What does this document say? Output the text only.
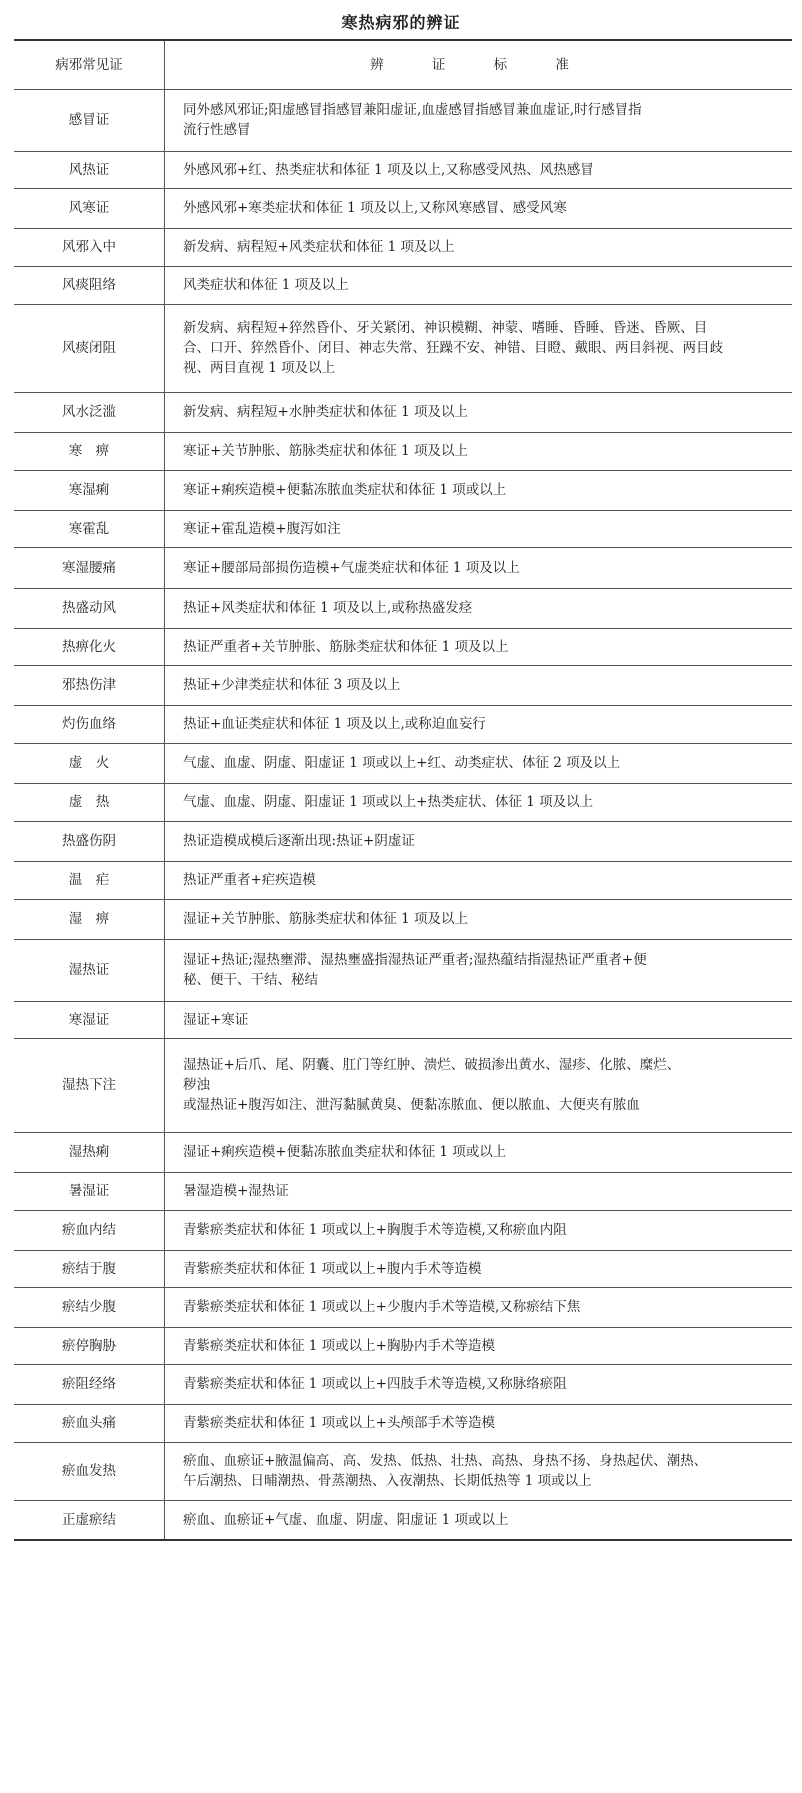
寒热病邪的辨证
病邪常见证	辨 证 标 准
感冒证	同外感风邪证;阳虚感冒指感冒兼阳虚证,血虚感冒指感冒兼血虚证,时行感冒指
流行性感冒

风热证	外感风邪+红、热类症状和体征 1 项及以上,又称感受风热、风热感冒

风寒证	外感风邪+寒类症状和体征 1 项及以上,又称风寒感冒、感受风寒

风邪入中	新发病、病程短+风类症状和体征 1 项及以上

风痰阻络	风类症状和体征 1 项及以上

风痰闭阻	新发病、病程短+猝然昏仆、牙关紧闭、神识模糊、神蒙、嗜睡、昏睡、昏迷、昏厥、目
合、口开、猝然昏仆、闭目、神志失常、狂躁不安、神错、目瞪、戴眼、两目斜视、两目歧
视、两目直视 1 项及以上

风水泛滥	新发病、病程短+水肿类症状和体征 1 项及以上

寒　痹	寒证+关节肿胀、筋脉类症状和体征 1 项及以上

寒湿痢	寒证+痢疾造模+便黏冻脓血类症状和体征 1 项或以上

寒霍乱	寒证+霍乱造模+腹泻如注

寒湿腰痛	寒证+腰部局部损伤造模+气虚类症状和体征 1 项及以上

热盛动风	热证+风类症状和体征 1 项及以上,或称热盛发痉

热痹化火	热证严重者+关节肿胀、筋脉类症状和体征 1 项及以上

邪热伤津	热证+少津类症状和体征 3 项及以上

灼伤血络	热证+血证类症状和体征 1 项及以上,或称迫血妄行

虚　火	气虚、血虚、阴虚、阳虚证 1 项或以上+红、动类症状、体征 2 项及以上

虚　热	气虚、血虚、阴虚、阳虚证 1 项或以上+热类症状、体征 1 项及以上

热盛伤阴	热证造模成模后逐渐出现:热证+阴虚证

温　疟	热证严重者+疟疾造模

湿　痹	湿证+关节肿胀、筋脉类症状和体征 1 项及以上

湿热证	湿证+热证;湿热壅滞、湿热壅盛指湿热证严重者;湿热蕴结指湿热证严重者+便
秘、便干、干结、秘结

寒湿证	湿证+寒证

湿热下注	湿热证+后爪、尾、阴囊、肛门等红肿、溃烂、破损渗出黄水、湿疹、化脓、糜烂、
秽浊
或湿热证+腹泻如注、泄泻黏腻黄臭、便黏冻脓血、便以脓血、大便夹有脓血

湿热痢	湿证+痢疾造模+便黏冻脓血类症状和体征 1 项或以上

暑湿证	暑湿造模+湿热证

瘀血内结	青紫瘀类症状和体征 1 项或以上+胸腹手术等造模,又称瘀血内阻

瘀结于腹	青紫瘀类症状和体征 1 项或以上+腹内手术等造模

瘀结少腹	青紫瘀类症状和体征 1 项或以上+少腹内手术等造模,又称瘀结下焦

瘀停胸胁	青紫瘀类症状和体征 1 项或以上+胸胁内手术等造模

瘀阻经络	青紫瘀类症状和体征 1 项或以上+四肢手术等造模,又称脉络瘀阻

瘀血头痛	青紫瘀类症状和体征 1 项或以上+头颅部手术等造模

瘀血发热	瘀血、血瘀证+腋温偏高、高、发热、低热、壮热、高热、身热不扬、身热起伏、潮热、
午后潮热、日晡潮热、骨蒸潮热、入夜潮热、长期低热等 1 项或以上

正虚瘀结	瘀血、血瘀证+气虚、血虚、阴虚、阳虚证 1 项或以上
